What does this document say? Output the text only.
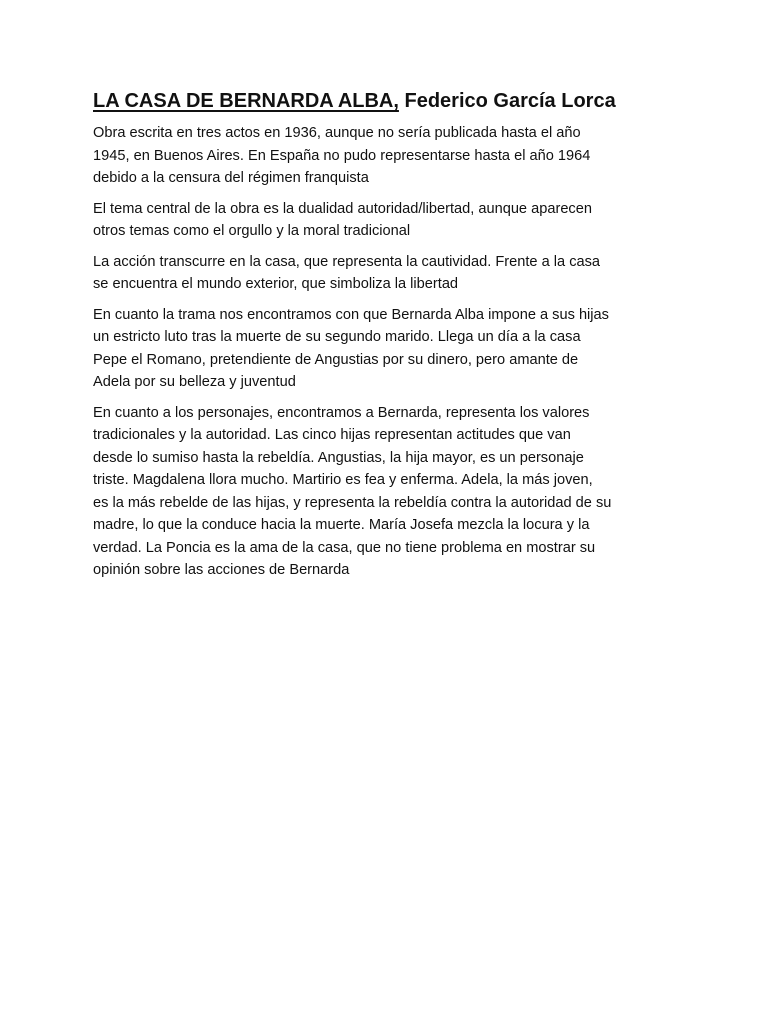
LA CASA DE BERNARDA ALBA, Federico García Lorca

Obra escrita en tres actos en 1936, aunque no sería publicada hasta el año
1945, en Buenos Aires. En España no pudo representarse hasta el año 1964
debido a la censura del régimen franquista

El tema central de la obra es la dualidad autoridad/libertad, aunque aparecen
otros temas como el orgullo y la moral tradicional

La acción transcurre en la casa, que representa la cautividad. Frente a la casa
se encuentra el mundo exterior, que simboliza la libertad

En cuanto la trama nos encontramos con que Bernarda Alba impone a sus hijas
un estricto luto tras la muerte de su segundo marido. Llega un día a la casa
Pepe el Romano, pretendiente de Angustias por su dinero, pero amante de
Adela por su belleza y juventud

En cuanto a los personajes, encontramos a Bernarda, representa los valores
tradicionales y la autoridad. Las cinco hijas representan actitudes que van
desde lo sumiso hasta la rebeldía. Angustias, la hija mayor, es un personaje
triste. Magdalena llora mucho. Martirio es fea y enferma. Adela, la más joven,
es la más rebelde de las hijas, y representa la rebeldía contra la autoridad de su
madre, lo que la conduce hacia la muerte. María Josefa mezcla la locura y la
verdad. La Poncia es la ama de la casa, que no tiene problema en mostrar su
opinión sobre las acciones de Bernarda
